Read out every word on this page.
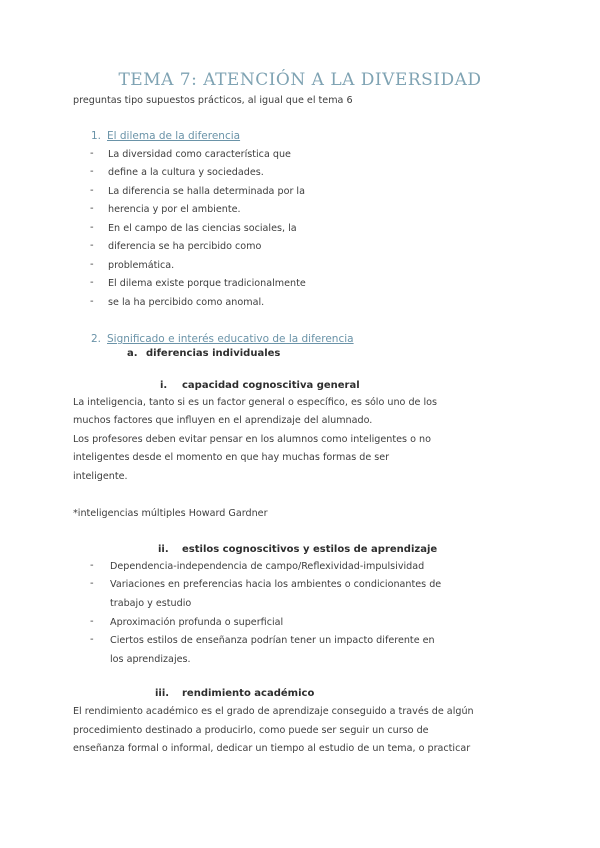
TEMA 7: ATENCIÓN A LA DIVERSIDAD
preguntas tipo supuestos prácticos, al igual que el tema 6
1. El dilema de la diferencia
- La diversidad como característica que
- define a la cultura y sociedades.
- La diferencia se halla determinada por la
- herencia y por el ambiente.
- En el campo de las ciencias sociales, la
- diferencia se ha percibido como
- problemática.
- El dilema existe porque tradicionalmente
- se la ha percibido como anomal.
2. Significado e interés educativo de la diferencia
a. diferencias individuales
i. capacidad cognoscitiva general
La inteligencia, tanto si es un factor general o específico, es sólo uno de los
muchos factores que influyen en el aprendizaje del alumnado.
Los profesores deben evitar pensar en los alumnos como inteligentes o no
inteligentes desde el momento en que hay muchas formas de ser
inteligente.
*inteligencias múltiples Howard Gardner
ii. estilos cognoscitivos y estilos de aprendizaje
- Dependencia-independencia de campo/Reflexividad-impulsividad
- Variaciones en preferencias hacia los ambientes o condicionantes de
trabajo y estudio
- Aproximación profunda o superficial
- Ciertos estilos de enseñanza podrían tener un impacto diferente en
los aprendizajes.
iii. rendimiento académico
El rendimiento académico es el grado de aprendizaje conseguido a través de algún
procedimiento destinado a producirlo, como puede ser seguir un curso de
enseñanza formal o informal, dedicar un tiempo al estudio de un tema, o practicar
